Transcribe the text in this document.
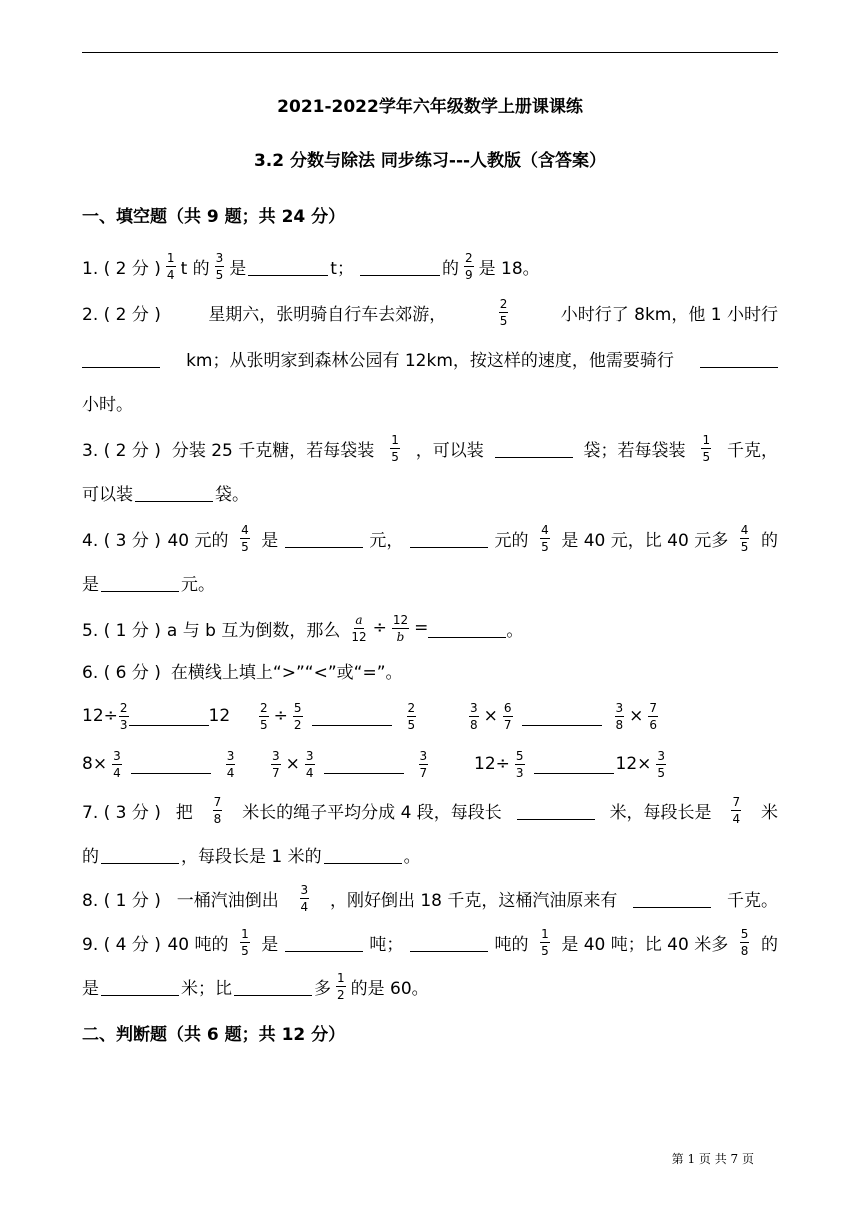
2021-2022学年六年级数学上册课课练
3.2 分数与除法 同步练习---人教版（含答案）
一、填空题（共 9 题；共 24 分）
1. ( 2 分 ) $\frac{1}{4}$ t 的 $\frac{3}{5}$ 是	t；	的 $\frac{2}{9}$ 是 18。
2. ( 2 分 )	星期六，张明骑自行车去郊游，	$\frac{2}{5}$	小时行了 8km，他 1 小时行
km；从张明家到森林公园有 12km，按这样的速度，他需要骑行
小时。
3. ( 2 分 ) 分装 25 千克糖，若每袋装 $\frac{1}{5}$ ，可以装	袋；若每袋装 $\frac{1}{5}$ 千克，
可以装	袋。
4. ( 3 分 ) 40 元的 $\frac{4}{5}$ 是	元，	元的 $\frac{4}{5}$ 是 40 元，比 40 元多 $\frac{4}{5}$ 的
是	元。
5. ( 1 分 ) a 与 b 互为倒数，那么 $\frac{a}{12} \div \frac{12}{b}$ =	。
6. ( 6 分 ) 在横线上填上“>”“<”或“=”。
$12\div \frac{2}{3}$	$12 \frac{2}{5} \div \frac{5}{2}$	$\frac{2}{5}$	$\frac{3}{8} \times \frac{6}{7}$	$\frac{3}{8} \times \frac{7}{6}$
$8\times \frac{3}{4}$	$\frac{3}{4}$	$\frac{3}{7} \times \frac{3}{4}$	$\frac{3}{7}$	$12\div \frac{5}{3}$	$12\times \frac{3}{5}$
7. ( 3 分 ) 把 $\frac{7}{8}$ 米长的绳子平均分成 4 段，每段长	米，每段长是 $\frac{7}{4}$ 米
的	，每段长是 1 米的	。
8. ( 1 分 ) 一桶汽油倒出 $\frac{3}{4}$ ，刚好倒出 18 千克，这桶汽油原来有	千克。
9. ( 4 分 ) 40 吨的 $\frac{1}{5}$ 是	吨；	吨的 $\frac{1}{5}$ 是 40 吨；比 40 米多 $\frac{5}{8}$ 的
是	米；比	多 $\frac{1}{2}$ 的是 60。
二、判断题（共 6 题；共 12 分）
第 1 页 共 7 页
